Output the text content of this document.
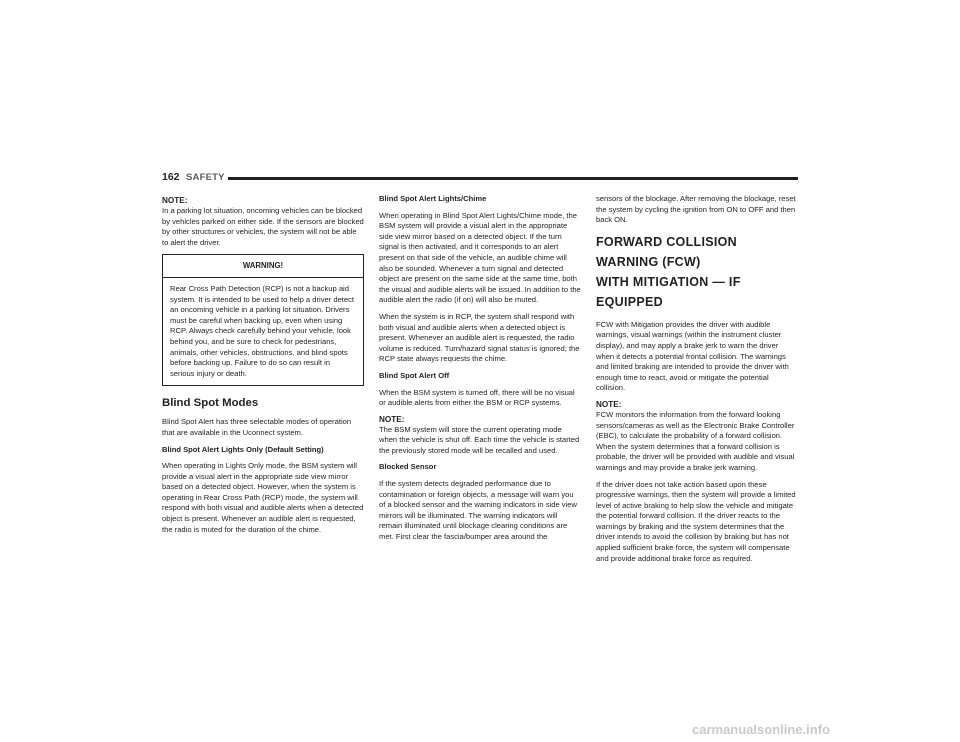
162 SAFETY
NOTE:

In a parking lot situation, oncoming vehicles can be blocked by vehicles parked on either side. If the sensors are blocked by other structures or vehicles, the system will not be able to alert the driver.

WARNING!
Rear Cross Path Detection (RCP) is not a backup aid system. It is intended to be used to help a driver detect an oncoming vehicle in a parking lot situation. Drivers must be careful when backing up, even when using RCP. Always check carefully behind your vehicle, look behind you, and be sure to check for pedestrians, animals, other vehicles, obstructions, and blind spots before backing up. Failure to do so can result in serious injury or death.
Blind Spot Modes

Blind Spot Alert has three selectable modes of operation that are available in the Uconnect system.

Blind Spot Alert Lights Only (Default Setting)

When operating in Lights Only mode, the BSM system will provide a visual alert in the appropriate side view mirror based on a detected object. However, when the system is operating in Rear Cross Path (RCP) mode, the system will respond with both visual and audible alerts when a detected object is present. Whenever an audible alert is requested, the radio is muted for the duration of the chime.

Blind Spot Alert Lights/Chime

When operating in Blind Spot Alert Lights/Chime mode, the BSM system will provide a visual alert in the appropriate side view mirror based on a detected object. If the turn signal is then activated, and it corresponds to an alert present on that side of the vehicle, an audible chime will also be sounded. Whenever a turn signal and detected object are present on the same side at the same time, both the visual and audible alerts will be issued. In addition to the audible alert the radio (if on) will also be muted.

When the system is in RCP, the system shall respond with both visual and audible alerts when a detected object is present. Whenever an audible alert is requested, the radio volume is reduced. Turn/hazard signal status is ignored; the RCP state always requests the chime.

Blind Spot Alert Off

When the BSM system is turned off, there will be no visual or audible alerts from either the BSM or RCP systems.

NOTE:

The BSM system will store the current operating mode when the vehicle is shut off. Each time the vehicle is started the previously stored mode will be recalled and used.

Blocked Sensor

If the system detects degraded performance due to contamination or foreign objects, a message will warn you of a blocked sensor and the warning indicators in side view mirrors will be illuminated. The warning indicators will remain illuminated until blockage clearing conditions are met. First clear the fascia/bumper area around the

sensors of the blockage. After removing the blockage, reset the system by cycling the ignition from ON to OFF and then back ON.

FORWARD COLLISION WARNING (FCW)
WITH MITIGATION — IF EQUIPPED

FCW with Mitigation provides the driver with audible warnings, visual warnings (within the instrument cluster display), and may apply a brake jerk to warn the driver when it detects a potential frontal collision. The warnings and limited braking are intended to provide the driver with enough time to react, avoid or mitigate the potential collision.

NOTE:

FCW monitors the information from the forward looking sensors/cameras as well as the Electronic Brake Controller (EBC), to calculate the probability of a forward collision. When the system determines that a forward collision is probable, the driver will be provided with audible and visual warnings and may provide a brake jerk warning.

If the driver does not take action based upon these progressive warnings, then the system will provide a limited level of active braking to help slow the vehicle and mitigate the potential forward collision. If the driver reacts to the warnings by braking and the system determines that the driver intends to avoid the collision by braking but has not applied sufficient brake force, the system will compensate and provide additional brake force as required.

carmanualsonline.info
